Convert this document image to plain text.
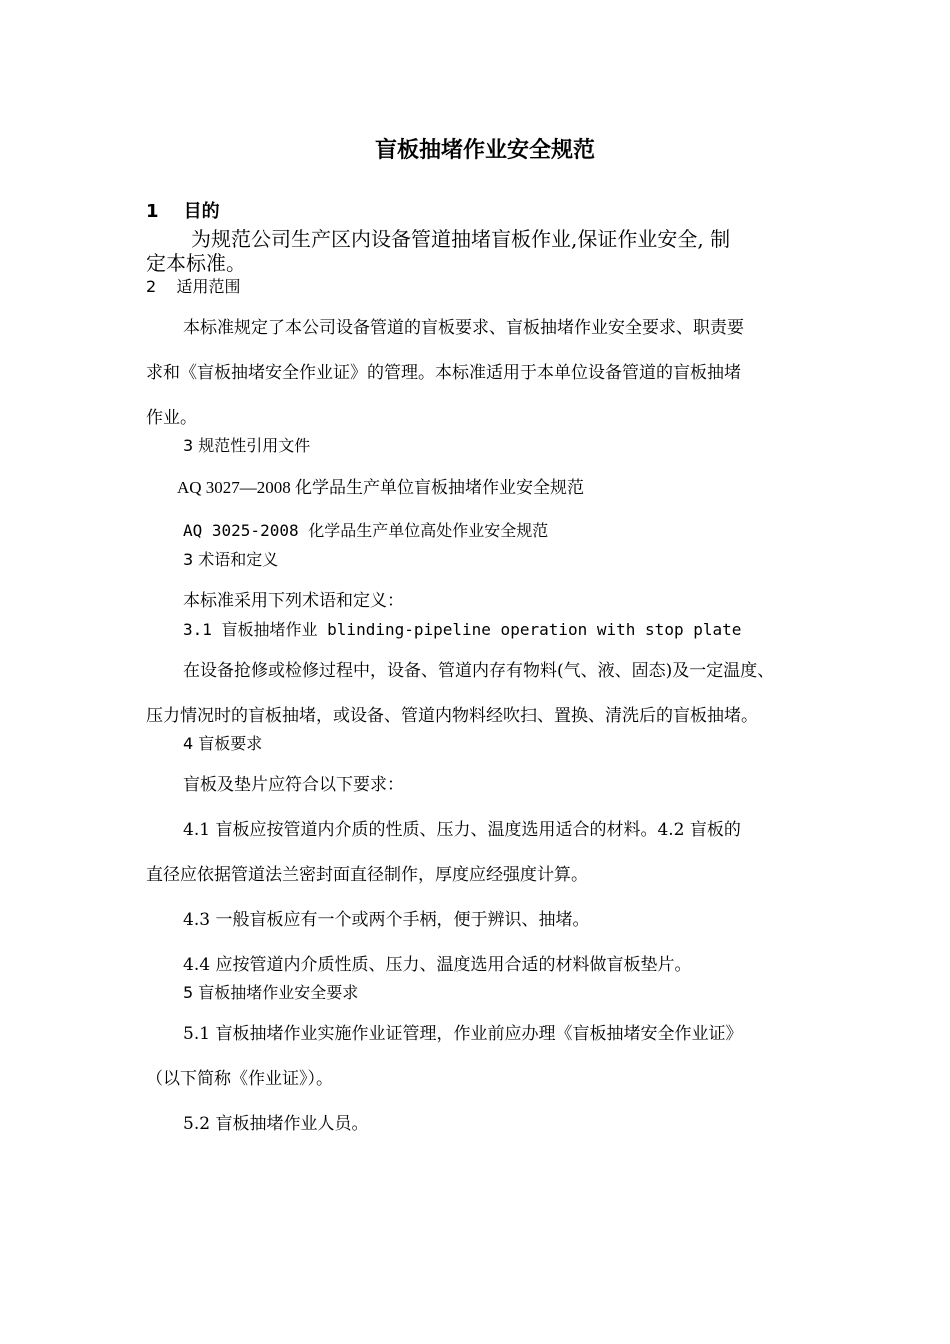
盲板抽堵作业安全规范
1    目的
为规范公司生产区内设备管道抽堵盲板作业,保证作业安全, 制
定本标准。
2    适用范围
本标准规定了本公司设备管道的盲板要求、盲板抽堵作业安全要求、职责要
求和《盲板抽堵安全作业证》的管理。本标准适用于本单位设备管道的盲板抽堵
作业。
3 规范性引用文件
AQ 3027—2008 化学品生产单位盲板抽堵作业安全规范
AQ 3025-2008 化学品生产单位高处作业安全规范
3 术语和定义
本标准采用下列术语和定义：
3.1 盲板抽堵作业 blinding-pipeline operation with stop plate
在设备抢修或检修过程中，设备、管道内存有物料(气、液、固态)及一定温度、
压力情况时的盲板抽堵，或设备、管道内物料经吹扫、置换、清洗后的盲板抽堵。
4 盲板要求
盲板及垫片应符合以下要求：
4.1 盲板应按管道内介质的性质、压力、温度选用适合的材料。4.2 盲板的
直径应依据管道法兰密封面直径制作，厚度应经强度计算。
4.3 一般盲板应有一个或两个手柄，便于辨识、抽堵。
4.4 应按管道内介质性质、压力、温度选用合适的材料做盲板垫片。
5 盲板抽堵作业安全要求
5.1 盲板抽堵作业实施作业证管理，作业前应办理《盲板抽堵安全作业证》
（以下简称《作业证》）。
5.2 盲板抽堵作业人员。
